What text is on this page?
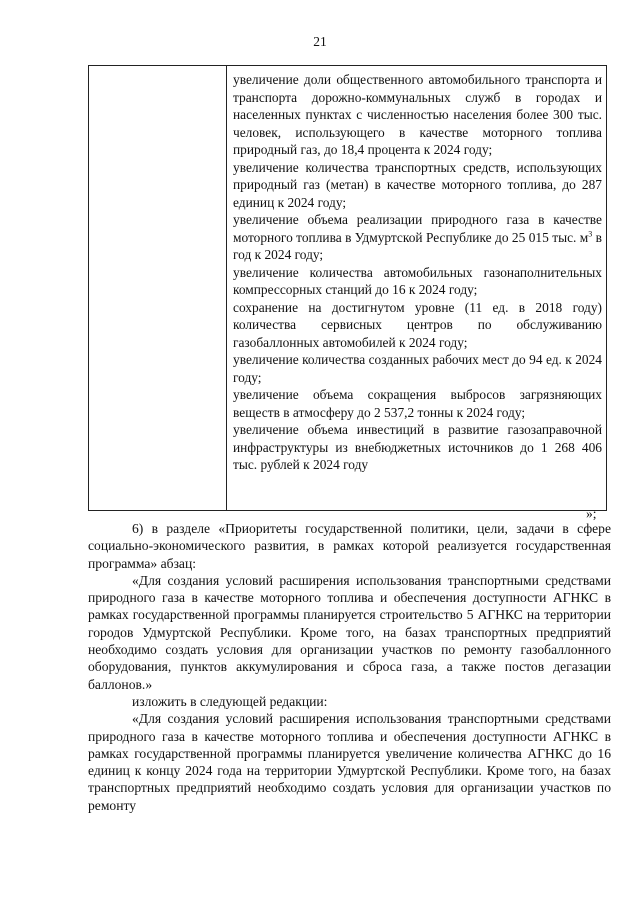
21

увеличение доли общественного автомобильного транспорта и транспорта дорожно-коммунальных служб в городах и населенных пунктах с численностью населения более 300 тыс. человек, использующего в качестве моторного топлива природный газ, до 18,4 процента к 2024 году;

увеличение количества транспортных средств, использующих природный газ (метан) в качестве моторного топлива, до 287 единиц к 2024 году;

увеличение объема реализации природного газа в качестве моторного топлива в Удмуртской Республике до 25 015 тыс. $м^3$ в год к 2024 году;

увеличение количества автомобильных газонаполнительных компрессорных станций до 16 к 2024 году;

сохранение на достигнутом уровне (11 ед. в 2018 году) количества сервисных центров по обслуживанию газобаллонных автомобилей к 2024 году;

увеличение количества созданных рабочих мест до 94 ед. к 2024 году;

увеличение объема сокращения выбросов загрязняющих веществ в атмосферу до 2 537,2 тонны к 2024 году;

увеличение объема инвестиций в развитие газозаправочной инфраструктуры из внебюджетных источников до 1 268 406 тыс. рублей к 2024 году

»;

6) в разделе «Приоритеты государственной политики, цели, задачи в сфере социально-экономического развития, в рамках которой реализуется государственная программа» абзац:

«Для создания условий расширения использования транспортными средствами природного газа в качестве моторного топлива и обеспечения доступности АГНКС в рамках государственной программы планируется строительство 5 АГНКС на территории городов Удмуртской Республики. Кроме того, на базах транспортных предприятий необходимо создать условия для организации участков по ремонту газобаллонного оборудования, пунктов аккумулирования и сброса газа, а также постов дегазации баллонов.»

изложить в следующей редакции:

«Для создания условий расширения использования транспортными средствами природного газа в качестве моторного топлива и обеспечения доступности АГНКС в рамках государственной программы планируется увеличение количества АГНКС до 16 единиц к концу 2024 года на территории Удмуртской Республики. Кроме того, на базах транспортных предприятий необходимо создать условия для организации участков по ремонту
